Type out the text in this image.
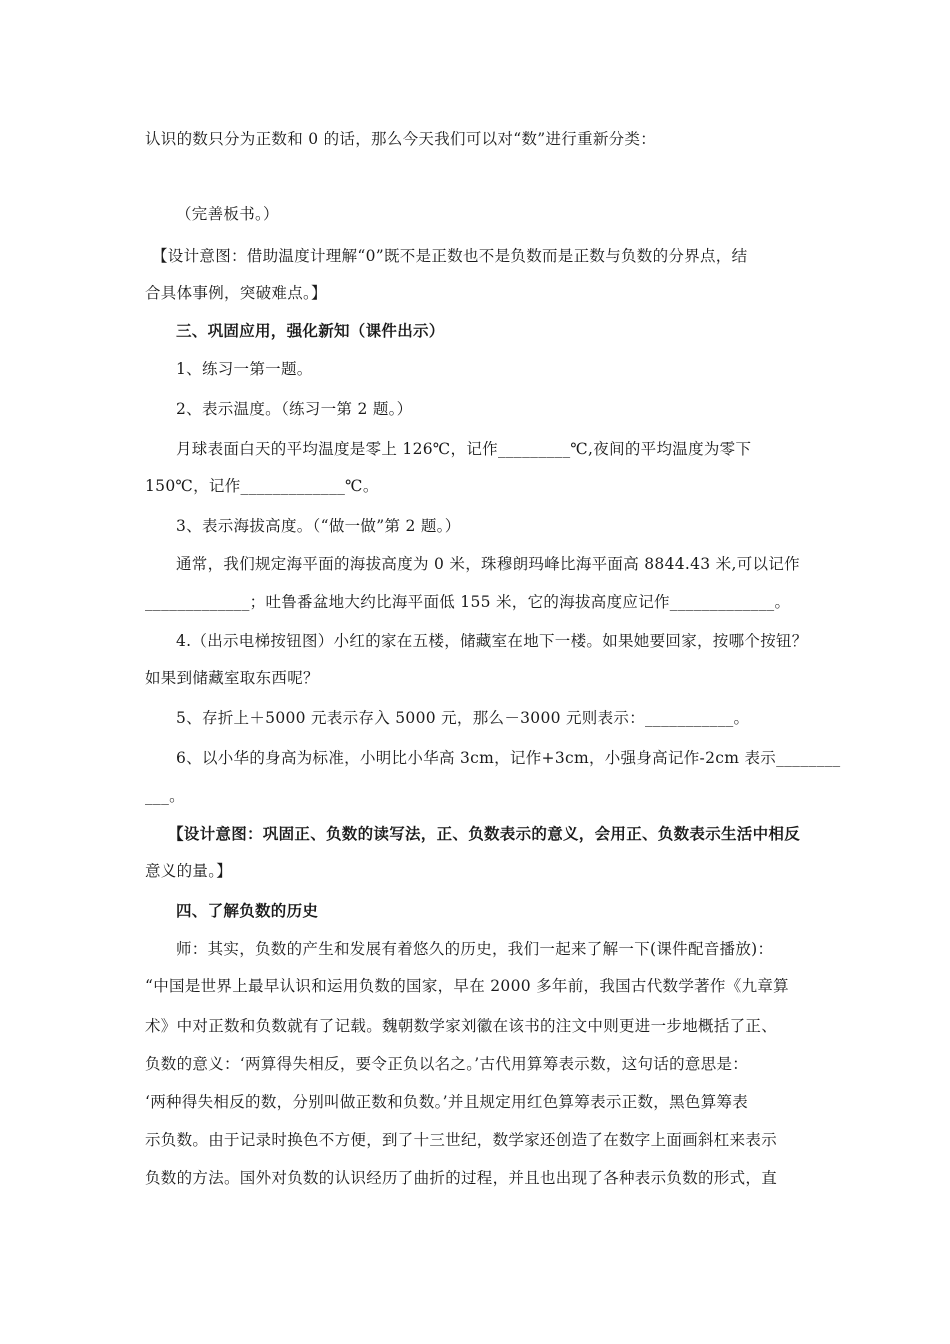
认识的数只分为正数和 0 的话，那么今天我们可以对“数”进行重新分类：
（完善板书。）
【设计意图：借助温度计理解“0”既不是正数也不是负数而是正数与负数的分界点，结
合具体事例，突破难点。】
三、巩固应用，强化新知（课件出示）
1、练习一第一题。
2、表示温度。（练习一第 2 题。）
月球表面白天的平均温度是零上 126℃，记作_________℃,夜间的平均温度为零下
150℃，记作_____________℃。
3、表示海拔高度。（“做一做”第 2 题。）
通常，我们规定海平面的海拔高度为 0 米，珠穆朗玛峰比海平面高 8844.43 米,可以记作
_____________；吐鲁番盆地大约比海平面低 155 米，它的海拔高度应记作_____________。
4.（出示电梯按钮图）小红的家在五楼，储藏室在地下一楼。如果她要回家，按哪个按钮？
如果到储藏室取东西呢？
5、存折上＋5000 元表示存入 5000 元，那么－3000 元则表示：___________。
6、以小华的身高为标准，小明比小华高 3cm，记作+3cm，小强身高记作-2cm 表示________
___。
【设计意图：巩固正、负数的读写法，正、负数表示的意义，会用正、负数表示生活中相反
意义的量。】
四、了解负数的历史
师：其实，负数的产生和发展有着悠久的历史，我们一起来了解一下(课件配音播放)：
“中国是世界上最早认识和运用负数的国家，早在 2000 多年前，我国古代数学著作《九章算
术》中对正数和负数就有了记载。魏朝数学家刘徽在该书的注文中则更进一步地概括了正、
负数的意义：‘两算得失相反，要令正负以名之。’古代用算筹表示数，这句话的意思是：
‘两种得失相反的数，分别叫做正数和负数。’并且规定用红色算筹表示正数，黑色算筹表
示负数。由于记录时换色不方便，到了十三世纪，数学家还创造了在数字上面画斜杠来表示
负数的方法。国外对负数的认识经历了曲折的过程，并且也出现了各种表示负数的形式，直
